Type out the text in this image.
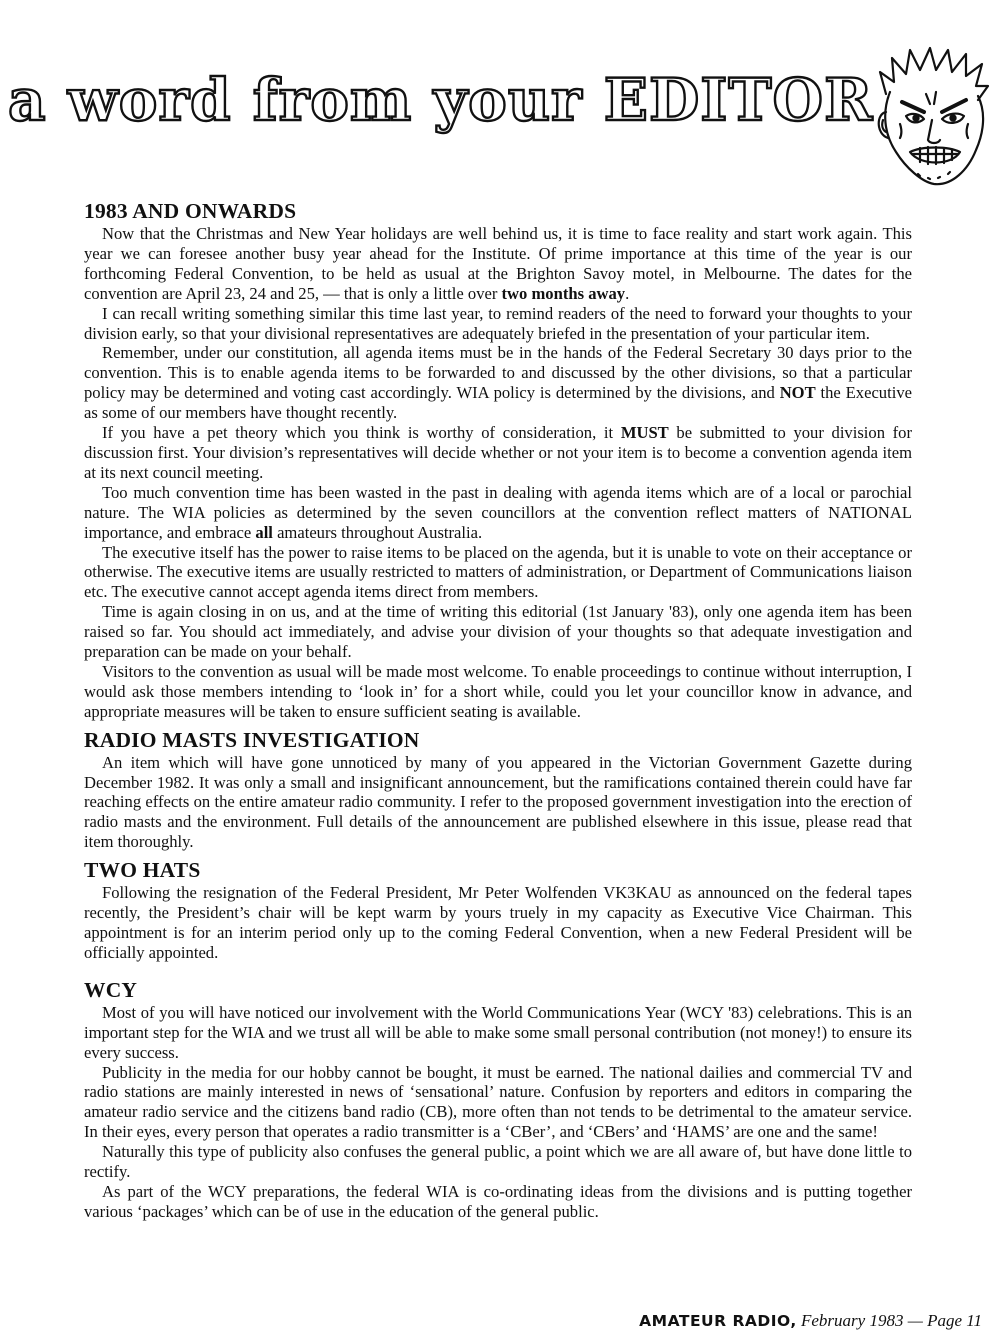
a word from your EDITOR
1983 AND ONWARDS

Now that the Christmas and New Year holidays are well behind us, it is time to face reality and start work again. This year we can foresee another busy year ahead for the Institute. Of prime importance at this time of the year is our forthcoming Federal Convention, to be held as usual at the Brighton Savoy motel, in Melbourne. The dates for the convention are April 23, 24 and 25, — that is only a little over two months away.

I can recall writing something similar this time last year, to remind readers of the need to forward your thoughts to your division early, so that your divisional representatives are adequately briefed in the presentation of your particular item.

Remember, under our constitution, all agenda items must be in the hands of the Federal Secretary 30 days prior to the convention. This is to enable agenda items to be forwarded to and discussed by the other divisions, so that a particular policy may be determined and voting cast accordingly. WIA policy is determined by the divisions, and NOT the Executive as some of our members have thought recently.

If you have a pet theory which you think is worthy of consideration, it MUST be submitted to your division for discussion first. Your division’s representatives will decide whether or not your item is to become a convention agenda item at its next council meeting.

Too much convention time has been wasted in the past in dealing with agenda items which are of a local or parochial nature. The WIA policies as determined by the seven councillors at the convention reflect matters of NATIONAL importance, and embrace all amateurs throughout Australia.

The executive itself has the power to raise items to be placed on the agenda, but it is unable to vote on their acceptance or otherwise. The executive items are usually restricted to matters of administration, or Department of Communications liaison etc. The executive cannot accept agenda items direct from members.

Time is again closing in on us, and at the time of writing this editorial (1st January '83), only one agenda item has been raised so far. You should act immediately, and advise your division of your thoughts so that adequate investigation and preparation can be made on your behalf.

Visitors to the convention as usual will be made most welcome. To enable proceedings to continue without interruption, I would ask those members intending to ‘look in’ for a short while, could you let your councillor know in advance, and appropriate measures will be taken to ensure sufficient seating is available.

RADIO MASTS INVESTIGATION

An item which will have gone unnoticed by many of you appeared in the Victorian Government Gazette during December 1982. It was only a small and insignificant announcement, but the ramifications contained therein could have far reaching effects on the entire amateur radio community. I refer to the proposed government investigation into the erection of radio masts and the environment. Full details of the announcement are published elsewhere in this issue, please read that item thoroughly.

TWO HATS

Following the resignation of the Federal President, Mr Peter Wolfenden VK3KAU as announced on the federal tapes recently, the President’s chair will be kept warm by yours truely in my capacity as Executive Vice Chairman. This appointment is for an interim period only up to the coming Federal Convention, when a new Federal President will be officially appointed.

WCY

Most of you will have noticed our involvement with the World Communications Year (WCY '83) celebrations. This is an important step for the WIA and we trust all will be able to make some small personal contribution (not money!) to ensure its every success.

Publicity in the media for our hobby cannot be bought, it must be earned. The national dailies and commercial TV and radio stations are mainly interested in news of ‘sensational’ nature. Confusion by reporters and editors in comparing the amateur radio service and the citizens band radio (CB), more often than not tends to be detrimental to the amateur service. In their eyes, every person that operates a radio transmitter is a ‘CBer’, and ‘CBers’ and ‘HAMS’ are one and the same!

Naturally this type of publicity also confuses the general public, a point which we are all aware of, but have done little to rectify.

As part of the WCY preparations, the federal WIA is co-ordinating ideas from the divisions and is putting together various ‘packages’ which can be of use in the education of the general public.

AMATEUR RADIO, February 1983 — Page 11
